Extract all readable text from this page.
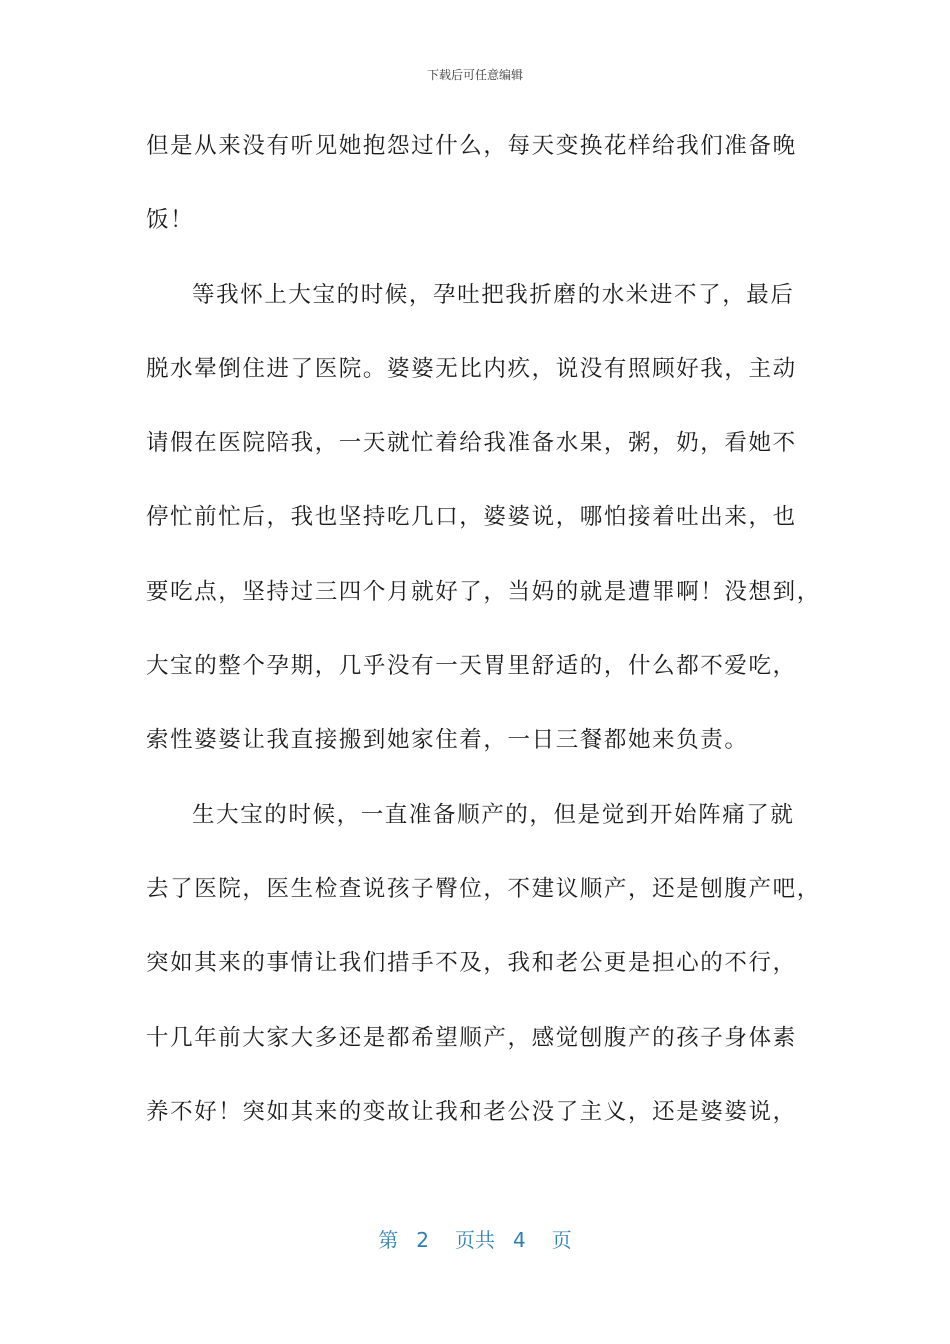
下载后可任意编辑
但是从来没有听见她抱怨过什么，每天变换花样给我们准备晚
饭！
等我怀上大宝的时候，孕吐把我折磨的水米进不了，最后
脱水晕倒住进了医院。婆婆无比内疚，说没有照顾好我，主动
请假在医院陪我，一天就忙着给我准备水果，粥，奶，看她不
停忙前忙后，我也坚持吃几口，婆婆说，哪怕接着吐出来，也
要吃点，坚持过三四个月就好了，当妈的就是遭罪啊！没想到，
大宝的整个孕期，几乎没有一天胃里舒适的，什么都不爱吃，
索性婆婆让我直接搬到她家住着，一日三餐都她来负责。
生大宝的时候，一直准备顺产的，但是觉到开始阵痛了就
去了医院，医生检查说孩子臀位，不建议顺产，还是刨腹产吧，
突如其来的事情让我们措手不及，我和老公更是担心的不行，
十几年前大家大多还是都希望顺产，感觉刨腹产的孩子身体素
养不好！突如其来的变故让我和老公没了主义，还是婆婆说，
第 2 页共 4 页
